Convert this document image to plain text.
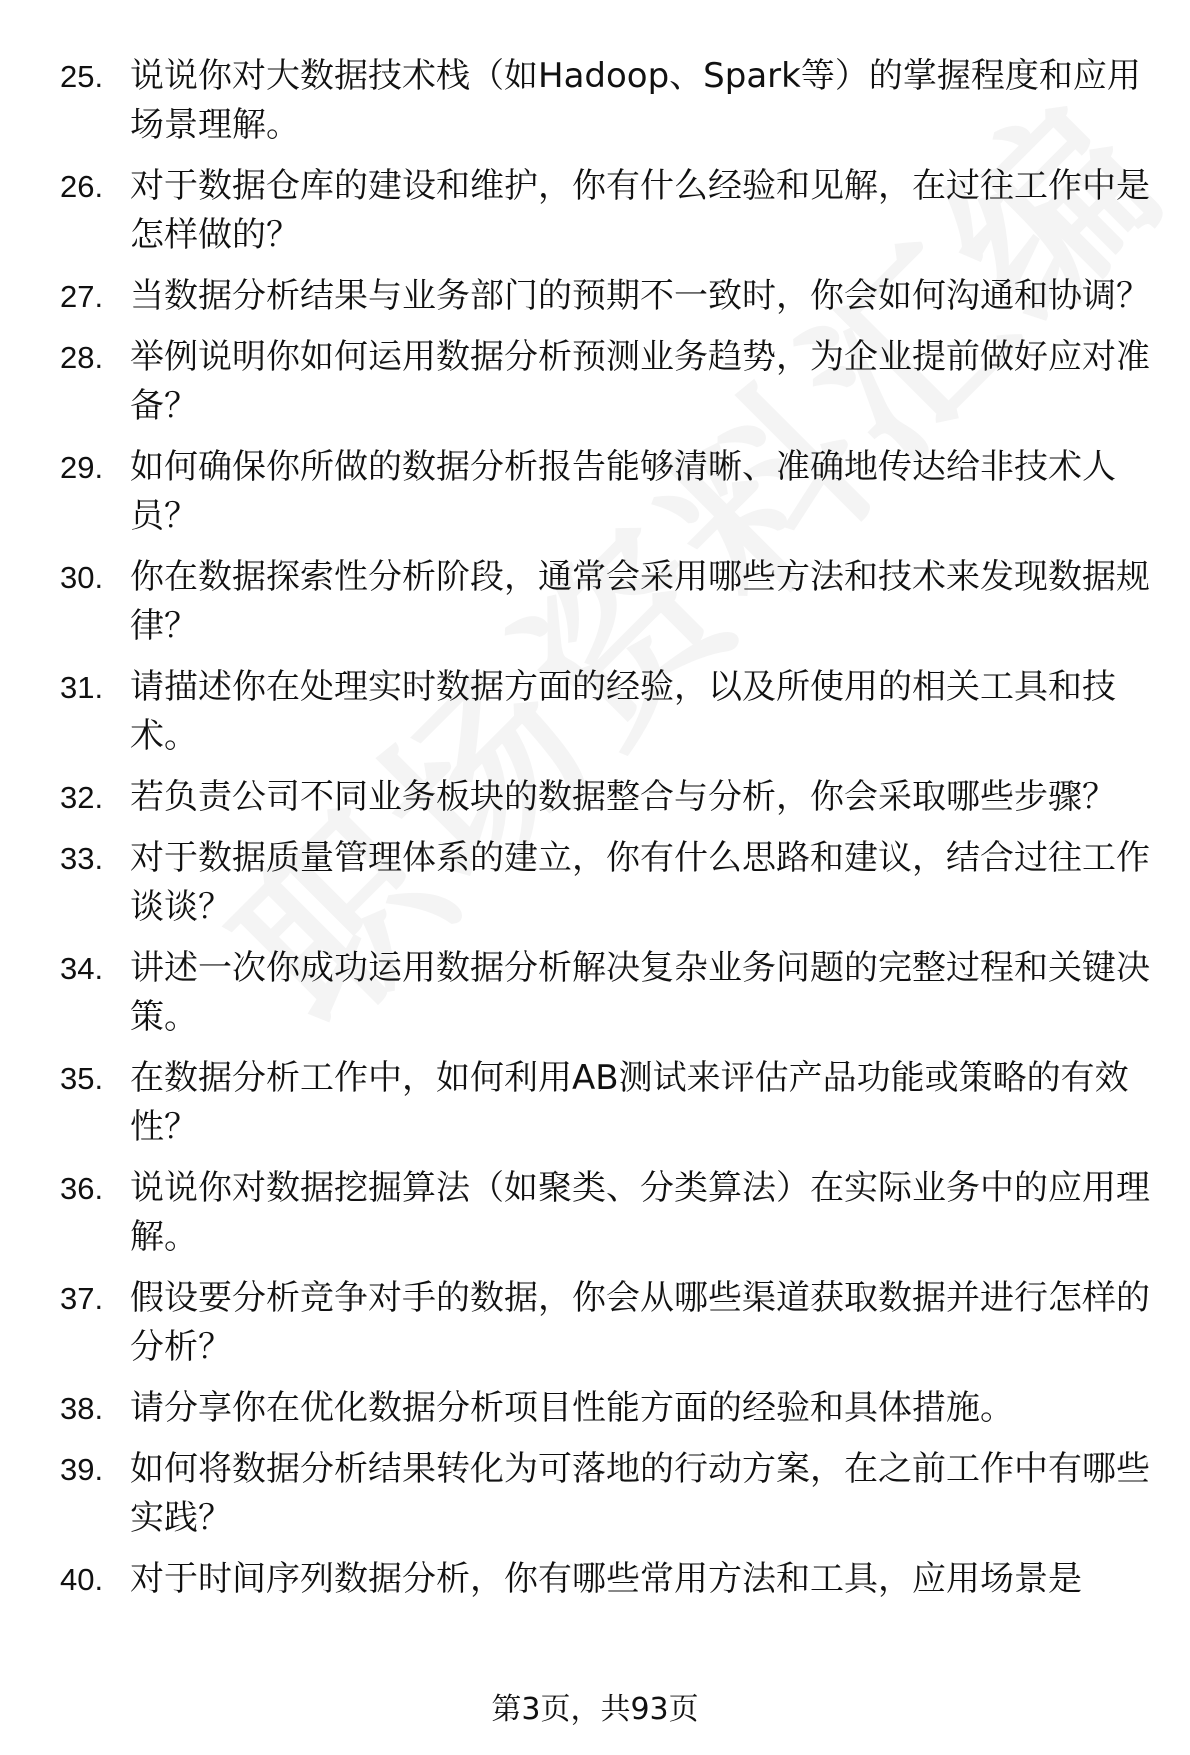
25. 说说你对大数据技术栈（如Hadoop、Spark等）的掌握程度和应用场景理解。
26. 对于数据仓库的建设和维护，你有什么经验和见解，在过往工作中是怎样做的？
27. 当数据分析结果与业务部门的预期不一致时，你会如何沟通和协调？
28. 举例说明你如何运用数据分析预测业务趋势，为企业提前做好应对准备？
29. 如何确保你所做的数据分析报告能够清晰、准确地传达给非技术人员？
30. 你在数据探索性分析阶段，通常会采用哪些方法和技术来发现数据规律？
31. 请描述你在处理实时数据方面的经验，以及所使用的相关工具和技术。
32. 若负责公司不同业务板块的数据整合与分析，你会采取哪些步骤？
33. 对于数据质量管理体系的建立，你有什么思路和建议，结合过往工作谈谈？
34. 讲述一次你成功运用数据分析解决复杂业务问题的完整过程和关键决策。
35. 在数据分析工作中，如何利用AB测试来评估产品功能或策略的有效性？
36. 说说你对数据挖掘算法（如聚类、分类算法）在实际业务中的应用理解。
37. 假设要分析竞争对手的数据，你会从哪些渠道获取数据并进行怎样的分析？
38. 请分享你在优化数据分析项目性能方面的经验和具体措施。
39. 如何将数据分析结果转化为可落地的行动方案，在之前工作中有哪些实践？
40. 对于时间序列数据分析，你有哪些常用方法和工具，应用场景是
第3页，共93页
